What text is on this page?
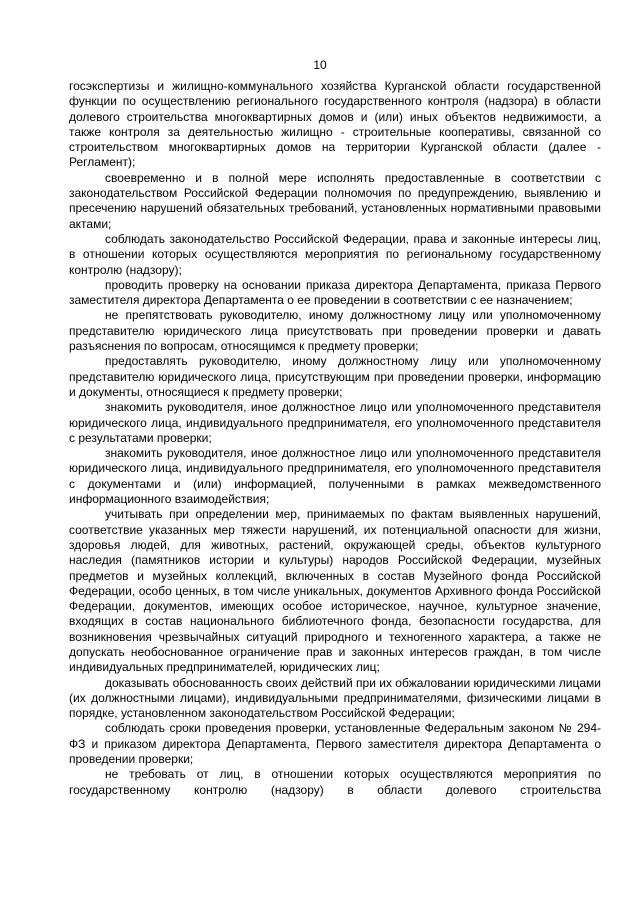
10

госэкспертизы и жилищно-коммунального хозяйства Курганской области государственной функции по осуществлению регионального государственного контроля (надзора) в области долевого строительства многоквартирных домов и (или) иных объектов недвижимости, а также контроля за деятельностью жилищно - строительные кооперативы, связанной со строительством многоквартирных домов на территории Курганской области (далее - Регламент);

своевременно и в полной мере исполнять предоставленные в соответствии с законодательством Российской Федерации полномочия по предупреждению, выявлению и пресечению нарушений обязательных требований, установленных нормативными правовыми актами;

соблюдать законодательство Российской Федерации, права и законные интересы лиц, в отношении которых осуществляются мероприятия по региональному государственному контролю (надзору);

проводить проверку на основании приказа директора Департамента, приказа Первого заместителя директора Департамента о ее проведении в соответствии с ее назначением;

не препятствовать руководителю, иному должностному лицу или уполномоченному представителю юридического лица присутствовать при проведении проверки и давать разъяснения по вопросам, относящимся к предмету проверки;

предоставлять руководителю, иному должностному лицу или уполномоченному представителю юридического лица, присутствующим при проведении проверки, информацию и документы, относящиеся к предмету проверки;

знакомить руководителя, иное должностное лицо или уполномоченного представителя юридического лица, индивидуального предпринимателя, его уполномоченного представителя с результатами проверки;

знакомить руководителя, иное должностное лицо или уполномоченного представителя юридического лица, индивидуального предпринимателя, его уполномоченного представителя с документами и (или) информацией, полученными в рамках межведомственного информационного взаимодействия;

учитывать при определении мер, принимаемых по фактам выявленных нарушений, соответствие указанных мер тяжести нарушений, их потенциальной опасности для жизни, здоровья людей, для животных, растений, окружающей среды, объектов культурного наследия (памятников истории и культуры) народов Российской Федерации, музейных предметов и музейных коллекций, включенных в состав Музейного фонда Российской Федерации, особо ценных, в том числе уникальных, документов Архивного фонда Российской Федерации, документов, имеющих особое историческое, научное, культурное значение, входящих в состав национального библиотечного фонда, безопасности государства, для возникновения чрезвычайных ситуаций природного и техногенного характера, а также не допускать необоснованное ограничение прав и законных интересов граждан, в том числе индивидуальных предпринимателей, юридических лиц;

доказывать обоснованность своих действий при их обжаловании юридическими лицами (их должностными лицами), индивидуальными предпринимателями, физическими лицами в порядке, установленном законодательством Российской Федерации;

соблюдать сроки проведения проверки, установленные Федеральным законом № 294-ФЗ и приказом директора Департамента, Первого заместителя директора Департамента о проведении проверки;

не требовать от лиц, в отношении которых осуществляются мероприятия по государственному контролю (надзору) в области долевого строительства
